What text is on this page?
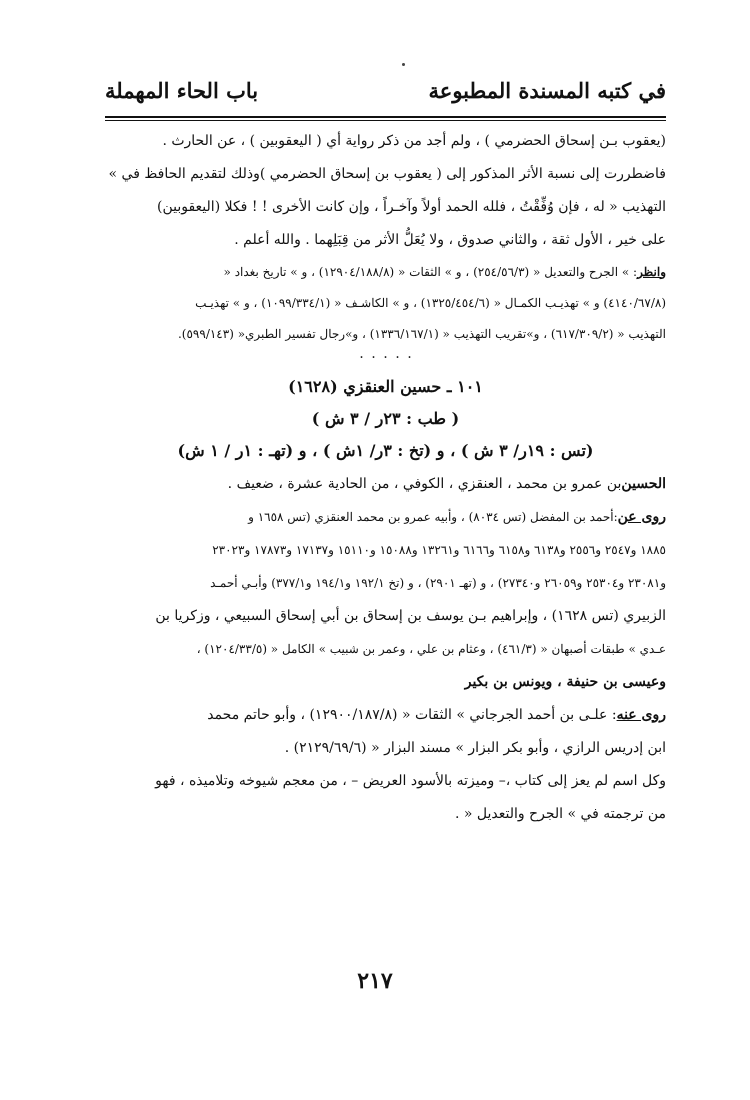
في كتبه المسندة المطبوعة
باب الحاء المهملة

(يعقوب بـن إسحاق الحضرمي ) ، ولم أجد من ذكر رواية أي ( اليعقوبين ) ، عن الحارث .

فاضطررت إلى نسبة الأثر المذكور إلى ( يعقوب بن إسحاق الحضرمي )وذلك لتقديم الحافظ في »

التهذيب « له ، فإن وُفِّقْتُ ، فلله الحمد أولاً وآخـراً ، وإن كانت الأخرى ! ! فكلا (اليعقوبين)

على خير ، الأول ثقة ، والثاني صدوق ، ولا يُعَلُّ الأثر من قِبَلِهما . والله أعلم .

وانظر
: » الجرح والتعديل « (٢٥٤/٥٦/٣) ، و » الثقات « (١٢٩٠٤/١٨٨/٨) ، و » تاريخ بغداد «

(٤١٤٠/٦٧/٨) و » تهذيـب الكمـال « (١٣٢٥/٤٥٤/٦) ، و » الكاشـف « (١٠٩٩/٣٣٤/١) ، و » تهذيـب

التهذيب « (٦١٧/٣٠٩/٢) ، و»تقريب التهذيب « (١٣٣٦/١٦٧/١) ، و»رجال تفسير الطبري« (٥٩٩/١٤٣).

٠ ٠ ٠ ٠ ٠
١٠١ ـ حسين العنقزي (١٦٢٨)
( طب : ٢٣ر / ٣ ش )
(تس : ١٩ر/ ٣ ش ) ، و (تخ : ٣ر/ ١ش ) ، و (تهـ : ١ر / ١ ش)

الحسين
بن عمرو بن محمد ، العنقزي ، الكوفي ، من الحادية عشرة ، ضعيف .

روى عن
:أحمد بن المفضل (تس ٨٠٣٤) ، وأبيه عمرو بن محمد العنقزي (تس ١٦٥٨ و

١٨٨٥ و٢٥٤٧ و٢٥٥٦ و٦١٣٨ و٦١٥٨ و٦١٦٦ و١٣٢٦١ و١٥٠٨٨ و١٥١١٠ و١٧١٣٧ و١٧٨٧٣ و٢٣٠٢٣

و٢٣٠٨١ و٢٥٣٠٤ و٢٦٠٥٩ و٢٧٣٤٠) ، و (تهـ ٢٩٠١) ، و (تخ ١٩٢/١ و١٩٤/١ و٣٧٧/١) وأبـي أحمـد

الزبيري (تس ١٦٢٨) ، وإبراهيم بـن يوسف بن إسحاق بن أبي إسحاق السبيعي ، وزكريا بن

عـدي » طبقات أصبهان « (٤٦١/٣) ، وعثام بن علي ، وعمر بن شبيب » الكامل « (١٢٠٤/٣٣/٥) ،

وعيسى بن حنيفة ، ويونس بن بكير

روى عنه
: علـى بن أحمد الجرجاني » الثقات « (١٢٩٠٠/١٨٧/٨) ، وأبو حاتم محمد

ابن إدريس الرازي ، وأبو بكر البزار » مسند البزار « (٢١٢٩/٦٩/٦) .

وكل اسم لم يعز إلى كتاب ،– وميزته بالأسود العريض – ، من معجم شيوخه وتلاميذه ، فهو

من ترجمته في » الجرح والتعديل « .

٢١٧
